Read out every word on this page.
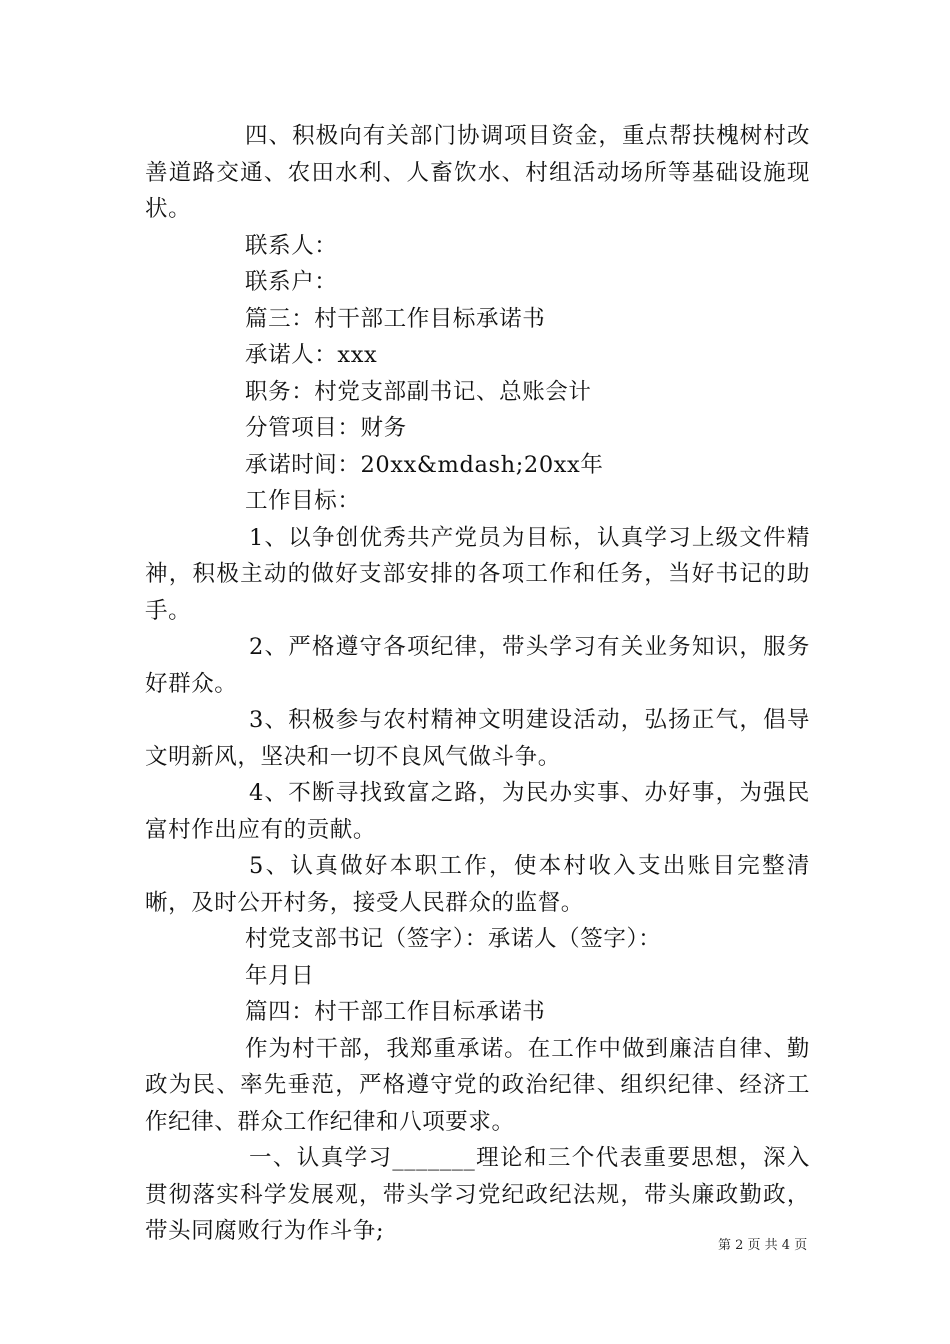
四、积极向有关部门协调项目资金，重点帮扶槐树村改善道路交通、农田水利、人畜饮水、村组活动场所等基础设施现状。

联系人：

联系户：

篇三：村干部工作目标承诺书

承诺人：xxx

职务：村党支部副书记、总账会计

分管项目：财务

承诺时间：20xx&mdash;20xx年

工作目标：

1、以争创优秀共产党员为目标，认真学习上级文件精神，积极主动的做好支部安排的各项工作和任务，当好书记的助手。

2、严格遵守各项纪律，带头学习有关业务知识，服务好群众。

3、积极参与农村精神文明建设活动，弘扬正气，倡导文明新风，坚决和一切不良风气做斗争。

4、不断寻找致富之路，为民办实事、办好事，为强民富村作出应有的贡献。

5、认真做好本职工作，使本村收入支出账目完整清晰，及时公开村务，接受人民群众的监督。

村党支部书记（签字）：承诺人（签字）：

年月日

篇四：村干部工作目标承诺书

作为村干部，我郑重承诺。在工作中做到廉洁自律、勤政为民、率先垂范，严格遵守党的政治纪律、组织纪律、经济工作纪律、群众工作纪律和八项要求。

一、认真学习_______理论和三个代表重要思想，深入贯彻落实科学发展观，带头学习党纪政纪法规，带头廉政勤政，带头同腐败行为作斗争;

第 2 页 共 4 页
